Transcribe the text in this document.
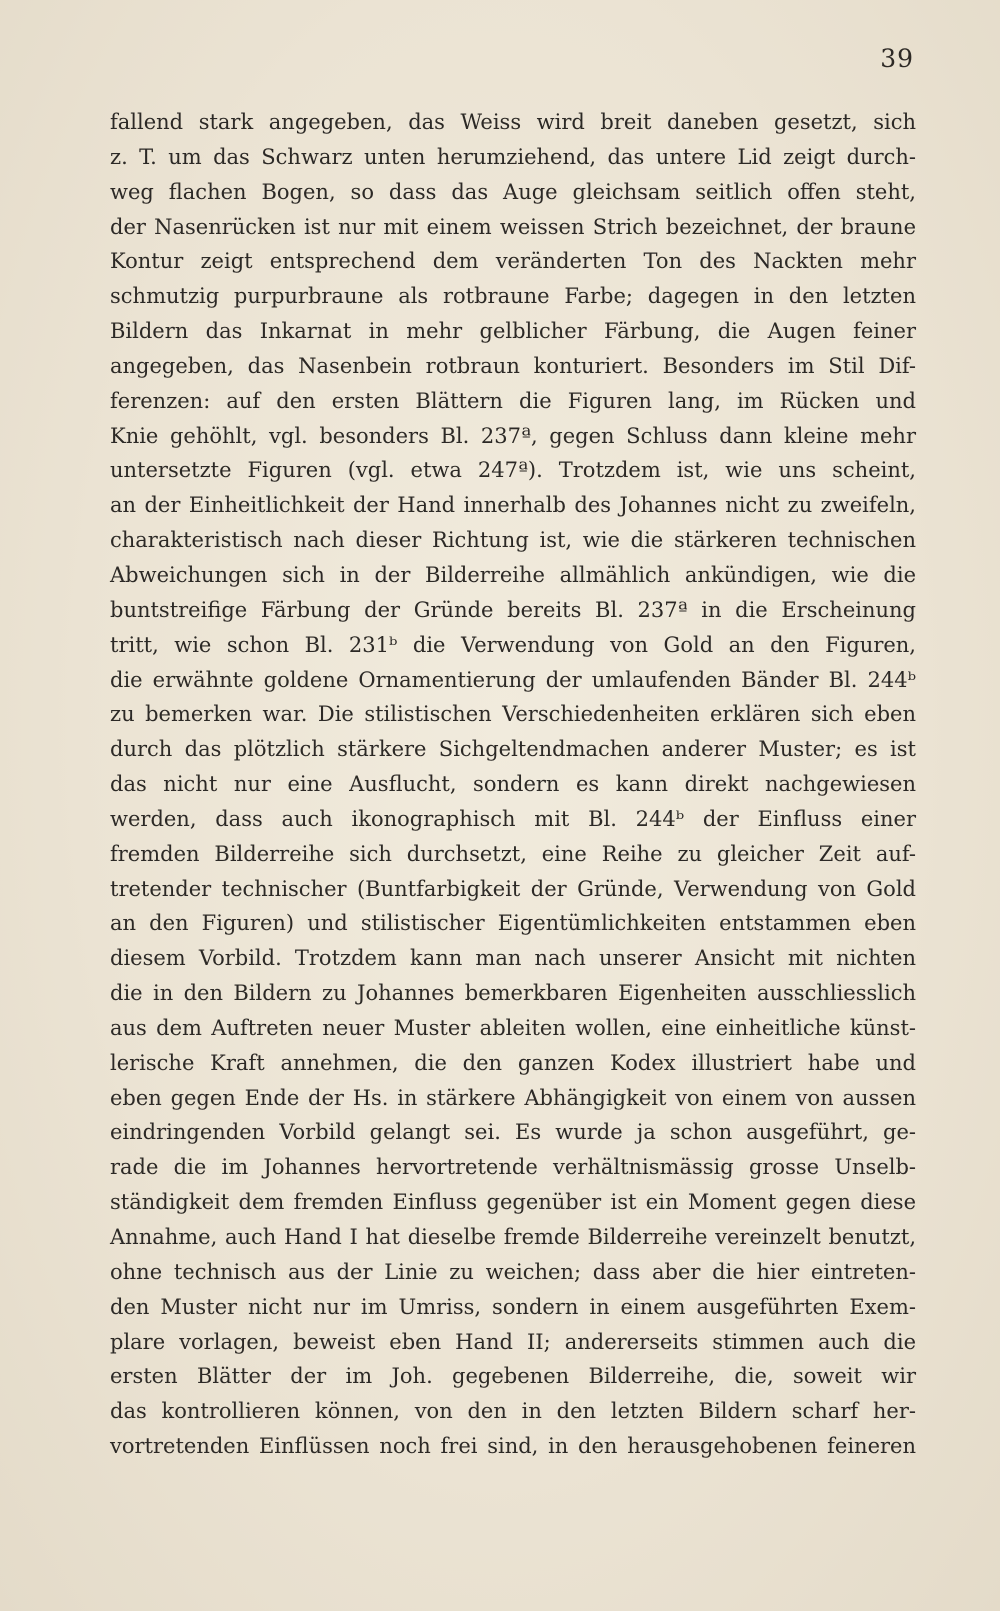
39
fallend stark angegeben, das Weiss wird breit daneben gesetzt, sich
z. T. um das Schwarz unten herumziehend, das untere Lid zeigt durch-
weg flachen Bogen, so dass das Auge gleichsam seitlich offen steht,
der Nasenrücken ist nur mit einem weissen Strich bezeichnet, der braune
Kontur zeigt entsprechend dem veränderten Ton des Nackten mehr
schmutzig purpurbraune als rotbraune Farbe; dagegen in den letzten
Bildern das Inkarnat in mehr gelblicher Färbung, die Augen feiner
angegeben, das Nasenbein rotbraun konturiert. Besonders im Stil Dif-
ferenzen: auf den ersten Blättern die Figuren lang, im Rücken und
Knie gehöhlt, vgl. besonders Bl. 237ª, gegen Schluss dann kleine mehr
untersetzte Figuren (vgl. etwa 247ª). Trotzdem ist, wie uns scheint,
an der Einheitlichkeit der Hand innerhalb des Johannes nicht zu zweifeln,
charakteristisch nach dieser Richtung ist, wie die stärkeren technischen
Abweichungen sich in der Bilderreihe allmählich ankündigen, wie die
buntstreifige Färbung der Gründe bereits Bl. 237ª in die Erscheinung
tritt, wie schon Bl. 231ᵇ die Verwendung von Gold an den Figuren,
die erwähnte goldene Ornamentierung der umlaufenden Bänder Bl. 244ᵇ
zu bemerken war. Die stilistischen Verschiedenheiten erklären sich eben
durch das plötzlich stärkere Sichgeltendmachen anderer Muster; es ist
das nicht nur eine Ausflucht, sondern es kann direkt nachgewiesen
werden, dass auch ikonographisch mit Bl. 244ᵇ der Einfluss einer
fremden Bilderreihe sich durchsetzt, eine Reihe zu gleicher Zeit auf-
tretender technischer (Buntfarbigkeit der Gründe, Verwendung von Gold
an den Figuren) und stilistischer Eigentümlichkeiten entstammen eben
diesem Vorbild. Trotzdem kann man nach unserer Ansicht mit nichten
die in den Bildern zu Johannes bemerkbaren Eigenheiten ausschliesslich
aus dem Auftreten neuer Muster ableiten wollen, eine einheitliche künst-
lerische Kraft annehmen, die den ganzen Kodex illustriert habe und
eben gegen Ende der Hs. in stärkere Abhängigkeit von einem von aussen
eindringenden Vorbild gelangt sei. Es wurde ja schon ausgeführt, ge-
rade die im Johannes hervortretende verhältnismässig grosse Unselb-
ständigkeit dem fremden Einfluss gegenüber ist ein Moment gegen diese
Annahme, auch Hand I hat dieselbe fremde Bilderreihe vereinzelt benutzt,
ohne technisch aus der Linie zu weichen; dass aber die hier eintreten-
den Muster nicht nur im Umriss, sondern in einem ausgeführten Exem-
plare vorlagen, beweist eben Hand II; andererseits stimmen auch die
ersten Blätter der im Joh. gegebenen Bilderreihe, die, soweit wir
das kontrollieren können, von den in den letzten Bildern scharf her-
vortretenden Einflüssen noch frei sind, in den herausgehobenen feineren
